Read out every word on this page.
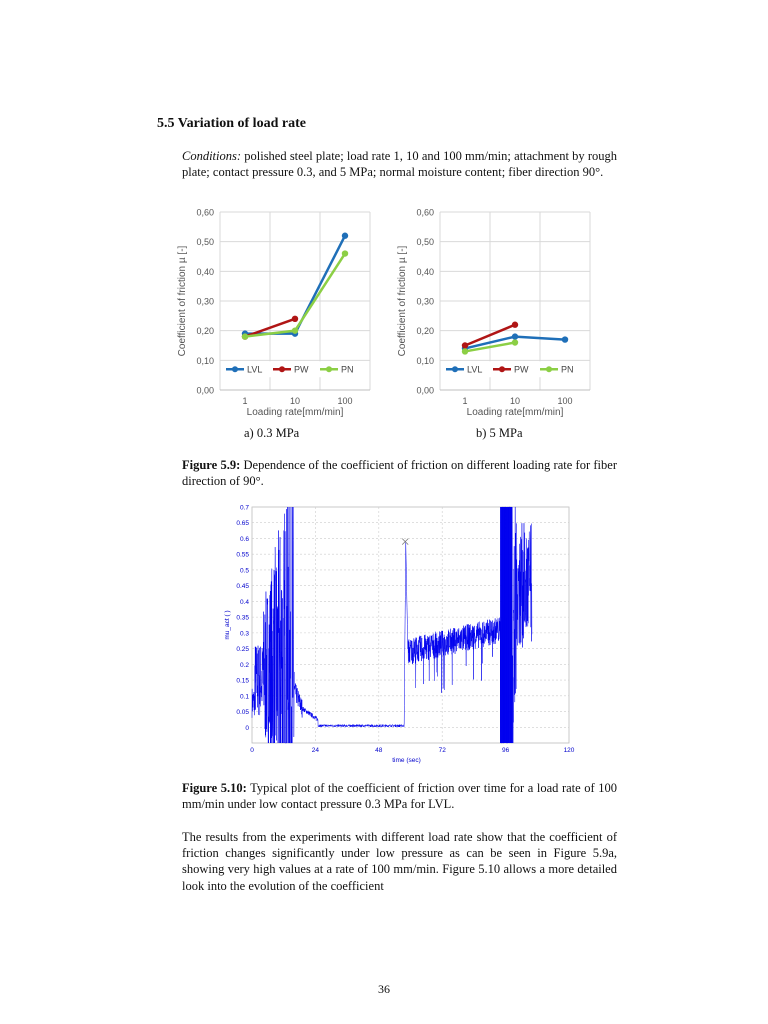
5.5 Variation of load rate
Conditions: polished steel plate; load rate 1, 10 and 100 mm/min; attachment by rough plate; contact pressure 0.3, and 5 MPa; normal moisture content; fiber direction 90°.
0,00
0,10
0,20
0,30
0,40
0,50
0,60
1	10	100
Loading rate[mm/min]
Coefficient of friction µ [-]
LVL	PW	PN
a) 0.3 MPa
0,00
0,10
0,20
0,30
0,40
0,50
0,60
1	10	100
Loading rate[mm/min]
Coefficient of friction µ [-]
LVL	PW	PN
b) 5 MPa
Figure 5.9: Dependence of the coefficient of friction on different loading rate for fiber direction of 90°.
0
0.05
0.1
0.15
0.2
0.25
0.3
0.35
0.4
0.45
0.5
0.55
0.6
0.65
0.7
0	24	48	72	96	120
time (sec)
mu_act ( )
Figure 5.10: Typical plot of the coefficient of friction over time for a load rate of 100 mm/min under low contact pressure 0.3 MPa for LVL.
The results from the experiments with different load rate show that the coefficient of friction changes significantly under low pressure as can be seen in Figure 5.9a, showing very high values at a rate of 100 mm/min. Figure 5.10 allows a more detailed look into the evolution of the coefficient
36
